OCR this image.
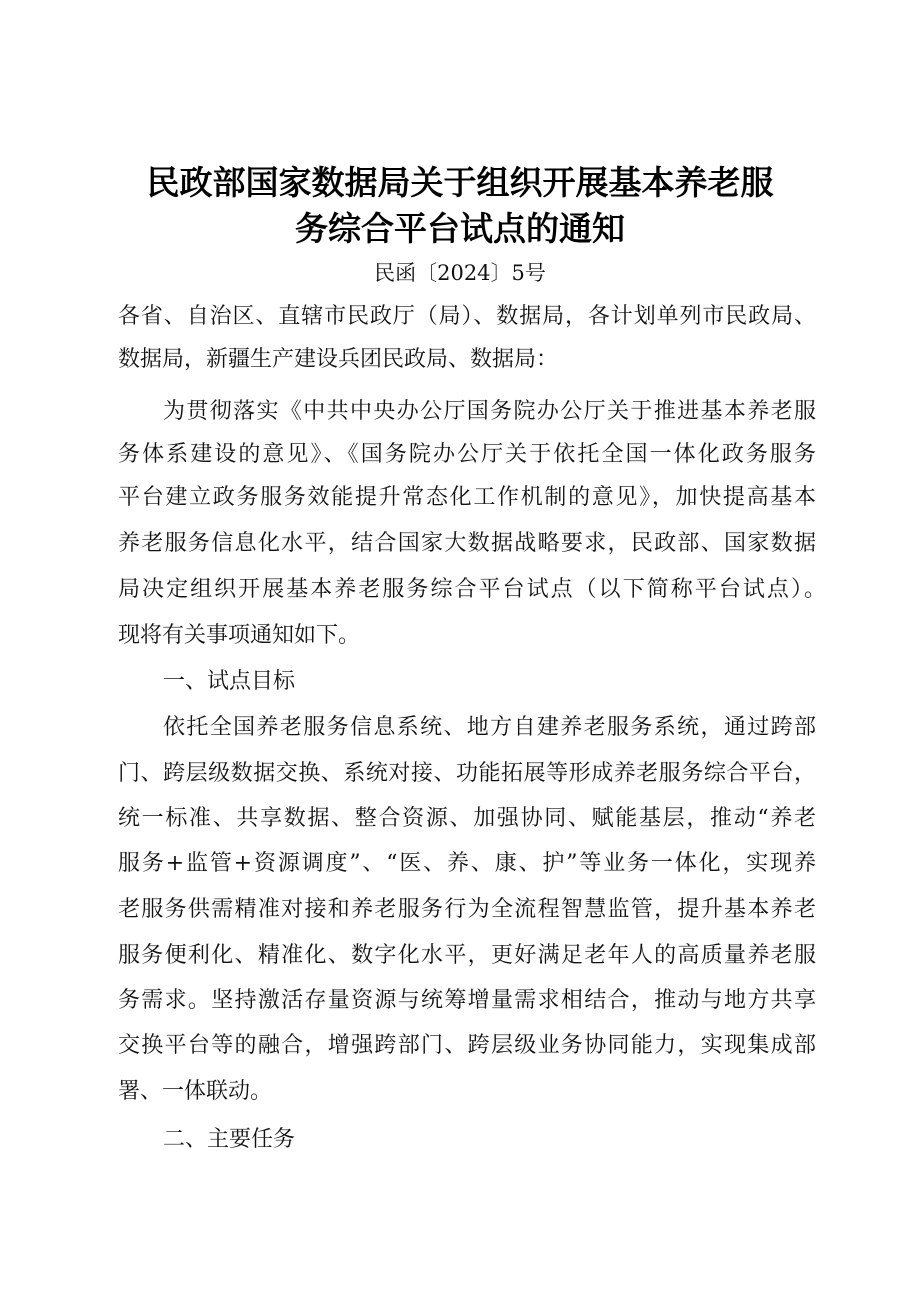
民政部国家数据局关于组织开展基本养老服
务综合平台试点的通知
民函〔2024〕5号
各省、自治区、直辖市民政厅（局）、数据局，各计划单列市民政局、
数据局，新疆生产建设兵团民政局、数据局：
为贯彻落实《中共中央办公厅国务院办公厅关于推进基本养老服
务体系建设的意见》、《国务院办公厅关于依托全国一体化政务服务
平台建立政务服务效能提升常态化工作机制的意见》，加快提高基本
养老服务信息化水平，结合国家大数据战略要求，民政部、国家数据
局决定组织开展基本养老服务综合平台试点（以下简称平台试点）。
现将有关事项通知如下。
一、试点目标
依托全国养老服务信息系统、地方自建养老服务系统，通过跨部
门、跨层级数据交换、系统对接、功能拓展等形成养老服务综合平台，
统一标准、共享数据、整合资源、加强协同、赋能基层，推动“养老
服务+监管+资源调度”、“医、养、康、护”等业务一体化，实现养
老服务供需精准对接和养老服务行为全流程智慧监管，提升基本养老
服务便利化、精准化、数字化水平，更好满足老年人的高质量养老服
务需求。坚持激活存量资源与统筹增量需求相结合，推动与地方共享
交换平台等的融合，增强跨部门、跨层级业务协同能力，实现集成部
署、一体联动。
二、主要任务
